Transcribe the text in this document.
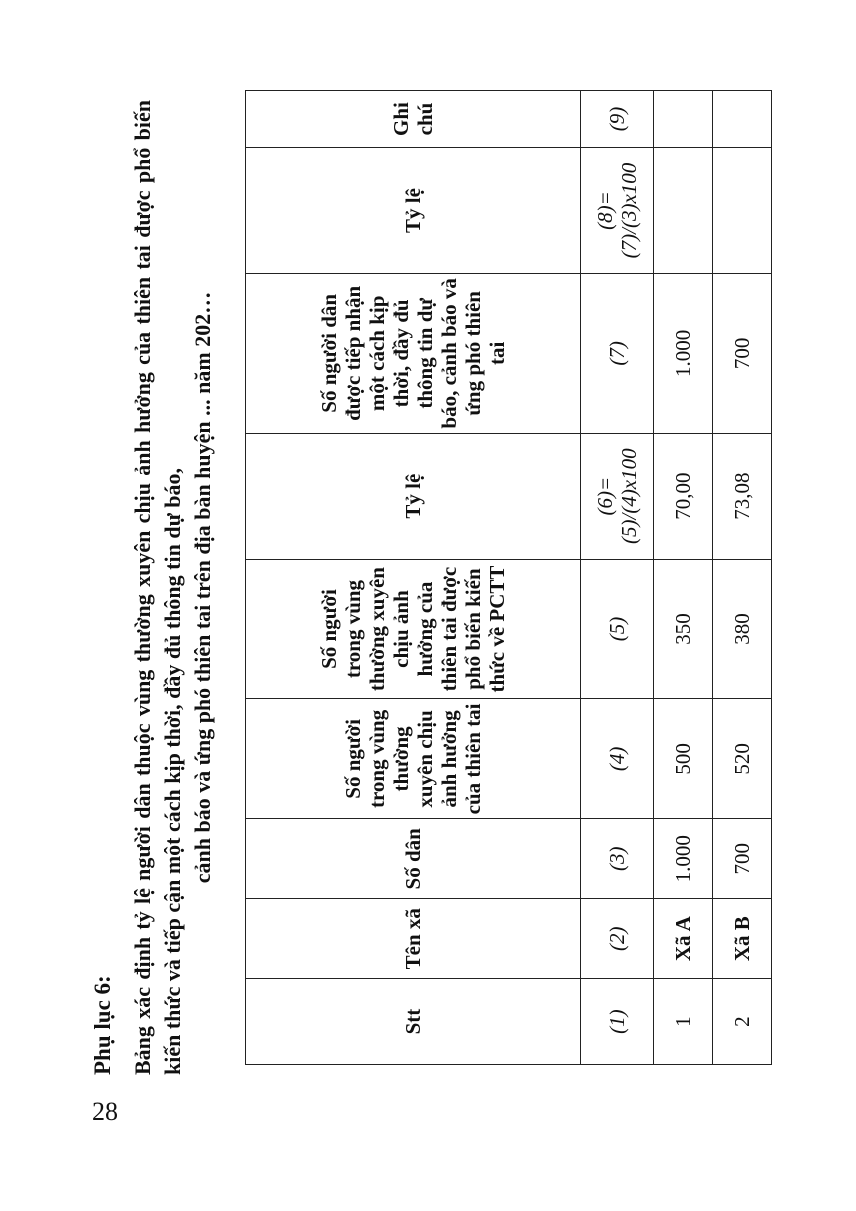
28
Phụ lục 6: Bảng xác định tỷ lệ người dân thuộc vùng thường xuyên chịu ảnh hưởng của thiên tai được phổ biến kiến thức và tiếp cận một cách kịp thời, đầy đủ thông tin dự báo, cảnh báo và ứng phó thiên tai trên địa bàn huyện ... năm 202…
Stt	Tên xã	Số dân	Số người trong vùng thường xuyên chịu ảnh hưởng của thiên tai	Số người trong vùng thường xuyên chịu ảnh hưởng của thiên tai được phổ biến kiến thức về PCTT	Tỷ lệ	Số người dân được tiếp nhận một cách kịp thời, đầy đủ thông tin dự báo, cảnh báo và ứng phó thiên tai	Tỷ lệ	Ghi chú
(1)	(2)	(3)	(4)	(5)	(6)=(5)/(4)x100	(7)	(8)=(7)/(3)x100	(9)
1	Xã A	1.000	500	350	70,00	1.000		
2	Xã B	700	520	380	73,08	700		
